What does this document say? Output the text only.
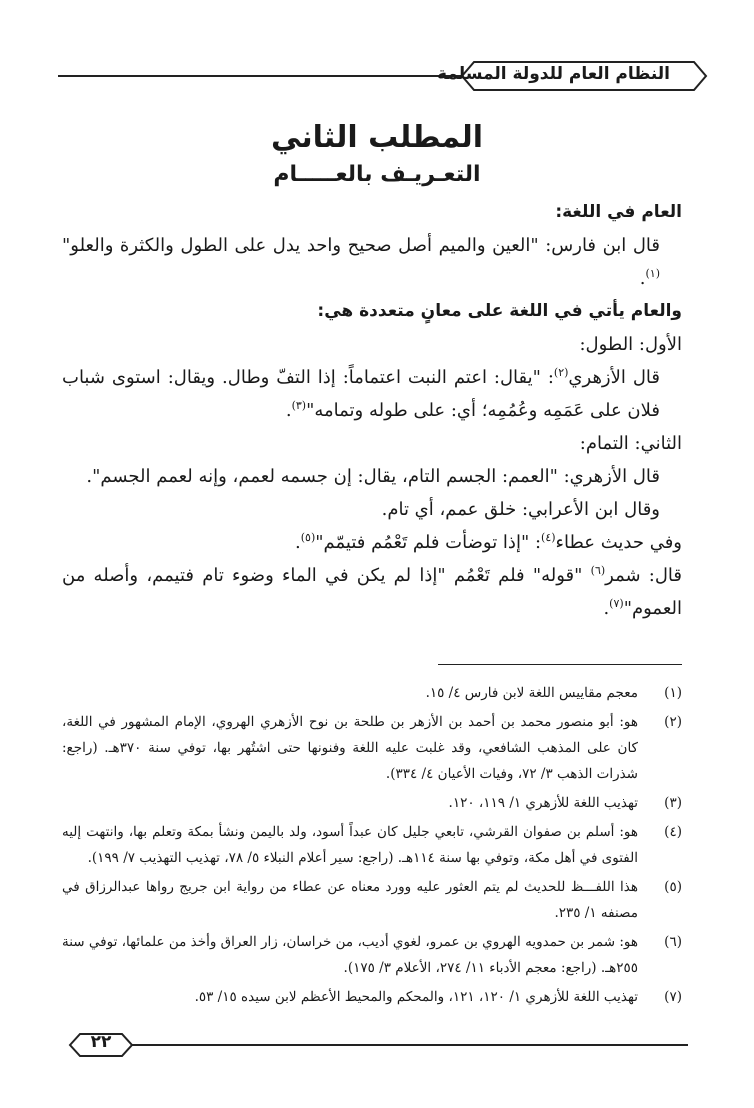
النظام العام للدولة المسلمة
المطلب الثاني
التعـريـف بالعـــــام

العام في اللغة:

قال ابن فارس: "العين والميم أصل صحيح واحد يدل على الطول والكثرة والعلو"$^{(١)}$.

والعام يأتي في اللغة على معانٍ متعددة هي:

الأول: الطول:

قال الأزهري$^{(٢)}$: "يقال: اعتم النبت اعتماماً: إذا التفّ وطال. ويقال: استوى شباب فلان على عَمَمِه وعُمُمِه؛ أي: على طوله وتمامه"$^{(٣)}$.

الثاني: التمام:

قال الأزهري: "العمم: الجسم التام، يقال: إن جسمه لعمم، وإنه لعمم الجسم".

وقال ابن الأعرابي: خلق عمم، أي تام.

وفي حديث عطاء$^{(٤)}$: "إذا توضأت فلم تَعْمُم فتيمّم"$^{(٥)}$.

قال: شمر$^{(٦)}$ "قوله" فلم تَعْمُم "إذا لم يكن في الماء وضوء تام فتيمم، وأصله من العموم"$^{(٧)}$.

(١)
معجم مقاييس اللغة لابن فارس ٤/ ١٥.
(٢)
هو: أبو منصور محمد بن أحمد بن الأزهر بن طلحة بن نوح الأزهري الهروي، الإمام المشهور في اللغة، كان على المذهب الشافعي، وقد غلبت عليه اللغة وفنونها حتى اشتُهر بها، توفي سنة ٣٧٠هـ. (راجع: شذرات الذهب ٣/ ٧٢، وفيات الأعيان ٤/ ٣٣٤).
(٣)
تهذيب اللغة للأزهري ١/ ١١٩، ١٢٠.
(٤)
هو: أسلم بن صفوان القرشي، تابعي جليل كان عبداً أسود، ولد باليمن ونشأ بمكة وتعلم بها، وانتهت إليه الفتوى في أهل مكة، وتوفي بها سنة ١١٤هـ. (راجع: سير أعلام النبلاء ٥/ ٧٨، تهذيب التهذيب ٧/ ١٩٩).
(٥)
هذا اللفـــظ للحديث لم يتم العثور عليه وورد معناه عن عطاء من رواية ابن جريج رواها عبدالرزاق في مصنفه ١/ ٢٣٥.
(٦)
هو: شمر بن حمدويه الهروي بن عمرو، لغوي أديب، من خراسان، زار العراق وأخذ من علمائها، توفي سنة ٢٥٥هـ. (راجع: معجم الأدباء ١١/ ٢٧٤، الأعلام ٣/ ١٧٥).
(٧)
تهذيب اللغة للأزهري ١/ ١٢٠، ١٢١، والمحكم والمحيط الأعظم لابن سيده ١٥/ ٥٣.
٢٢
